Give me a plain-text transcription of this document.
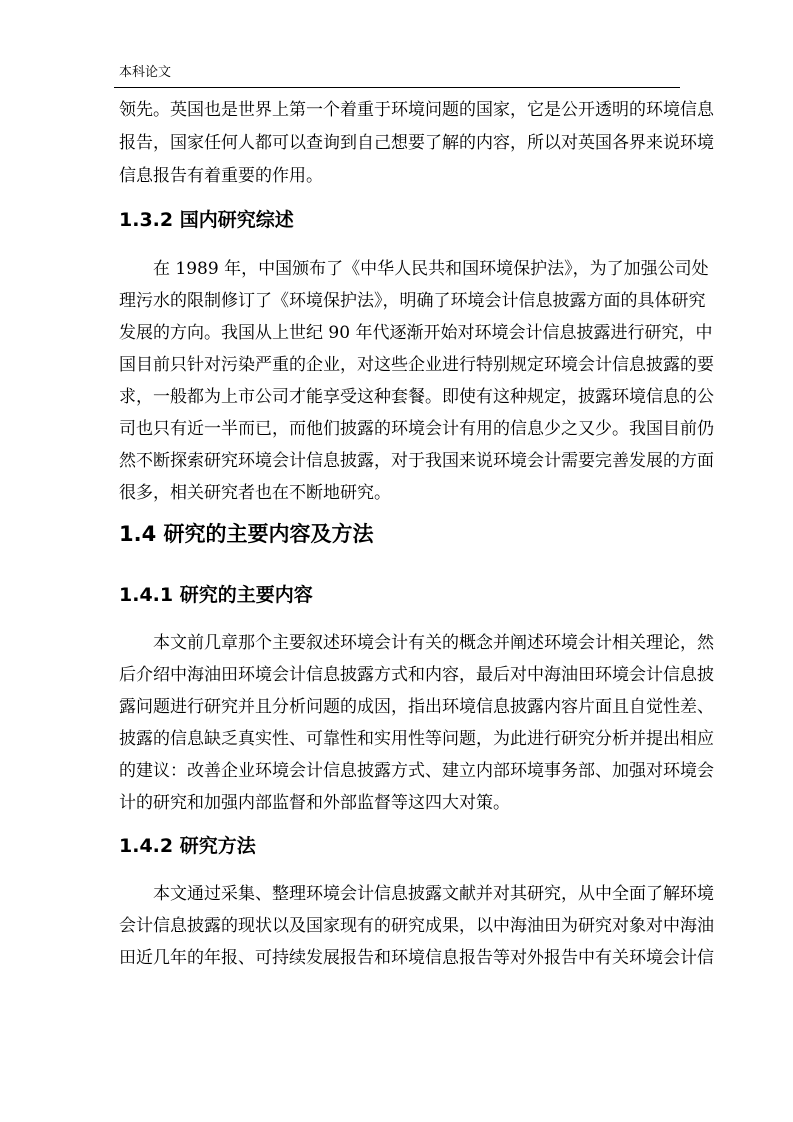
本科论文
领先。英国也是世界上第一个着重于环境问题的国家，它是公开透明的环境信息
报告，国家任何人都可以查询到自己想要了解的内容，所以对英国各界来说环境
信息报告有着重要的作用。
1.3.2 国内研究综述
在 1989 年，中国颁布了《中华人民共和国环境保护法》，为了加强公司处
理污水的限制修订了《环境保护法》，明确了环境会计信息披露方面的具体研究
发展的方向。我国从上世纪 90 年代逐渐开始对环境会计信息披露进行研究，中
国目前只针对污染严重的企业，对这些企业进行特别规定环境会计信息披露的要
求，一般都为上市公司才能享受这种套餐。即使有这种规定，披露环境信息的公
司也只有近一半而已，而他们披露的环境会计有用的信息少之又少。我国目前仍
然不断探索研究环境会计信息披露，对于我国来说环境会计需要完善发展的方面
很多，相关研究者也在不断地研究。
1.4 研究的主要内容及方法
1.4.1 研究的主要内容
本文前几章那个主要叙述环境会计有关的概念并阐述环境会计相关理论，然
后介绍中海油田环境会计信息披露方式和内容，最后对中海油田环境会计信息披
露问题进行研究并且分析问题的成因，指出环境信息披露内容片面且自觉性差、
披露的信息缺乏真实性、可靠性和实用性等问题，为此进行研究分析并提出相应
的建议：改善企业环境会计信息披露方式、建立内部环境事务部、加强对环境会
计的研究和加强内部监督和外部监督等这四大对策。
1.4.2 研究方法
本文通过采集、整理环境会计信息披露文献并对其研究，从中全面了解环境
会计信息披露的现状以及国家现有的研究成果，以中海油田为研究对象对中海油
田近几年的年报、可持续发展报告和环境信息报告等对外报告中有关环境会计信
